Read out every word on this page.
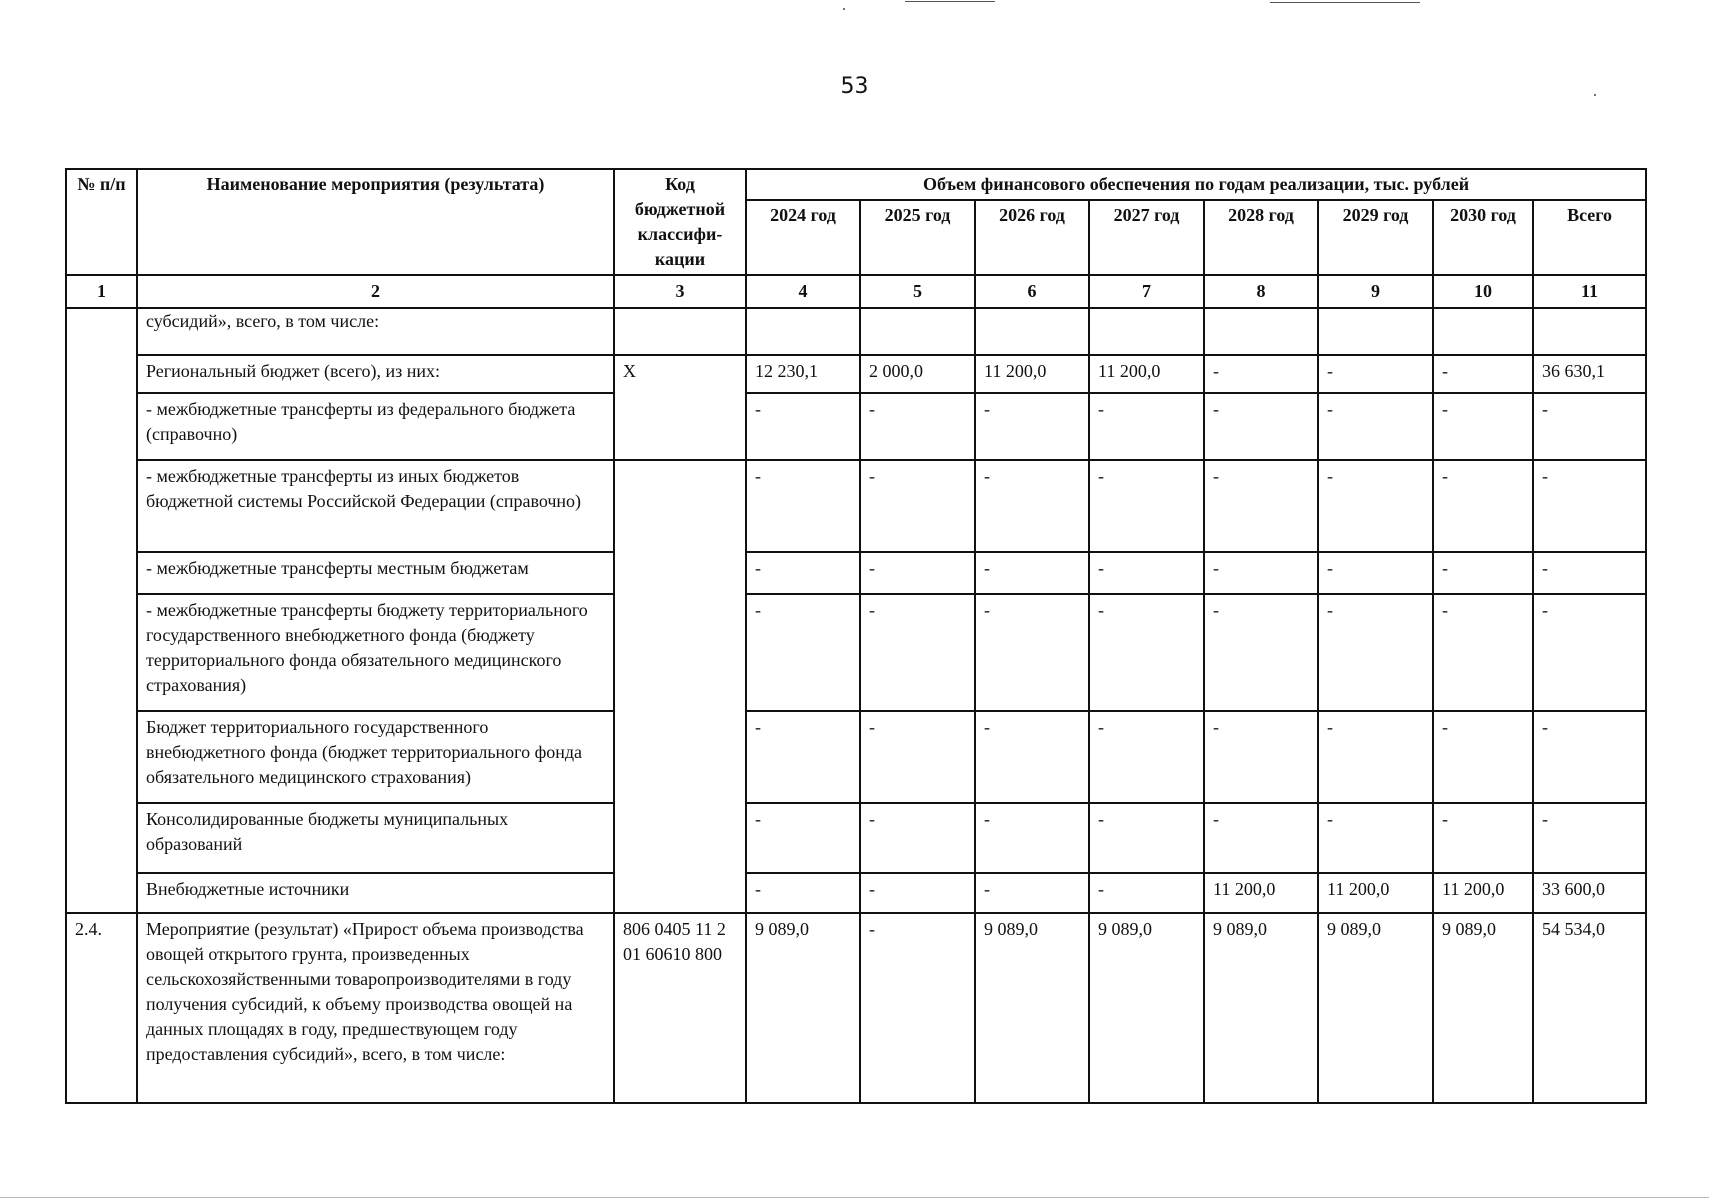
53
№ п/п	Наименование мероприятия (результата)	Код бюджетной классифи-кации	Объем финансового обеспечения по годам реализации, тыс. рублей							
			2024 год	2025 год	2026 год	2027 год	2028 год	2029 год	2030 год	Всего
1	2	3	4	5	6	7	8	9	10	11
	субсидий», всего, в том числе:									
	Региональный бюджет (всего), из них:	X	12 230,1	2 000,0	11 200,0	11 200,0	-	-	-	36 630,1
	- межбюджетные трансферты из федерального бюджета (справочно)		-	-	-	-	-	-	-	-
	- межбюджетные трансферты из иных бюджетов бюджетной системы Российской Федерации (справочно)		-	-	-	-	-	-	-	-
	- межбюджетные трансферты местным бюджетам		-	-	-	-	-	-	-	-
	- межбюджетные трансферты бюджету территориального государственного внебюджетного фонда (бюджету территориального фонда обязательного медицинского страхования)		-	-	-	-	-	-	-	-
	Бюджет территориального государственного внебюджетного фонда (бюджет территориального фонда обязательного медицинского страхования)		-	-	-	-	-	-	-	-
	Консолидированные бюджеты муниципальных образований		-	-	-	-	-	-	-	-
	Внебюджетные источники		-	-	-	-	11 200,0	11 200,0	11 200,0	33 600,0
2.4.	Мероприятие (результат) «Прирост объема производства овощей открытого грунта, произведенных сельскохозяйственными товаропроизводителями в году получения субсидий, к объему производства овощей на данных площадях в году, предшествующем году предоставления субсидий», всего, в том числе:	806 0405 11 2 01 60610 800	9 089,0	-	9 089,0	9 089,0	9 089,0	9 089,0	9 089,0	54 534,0
